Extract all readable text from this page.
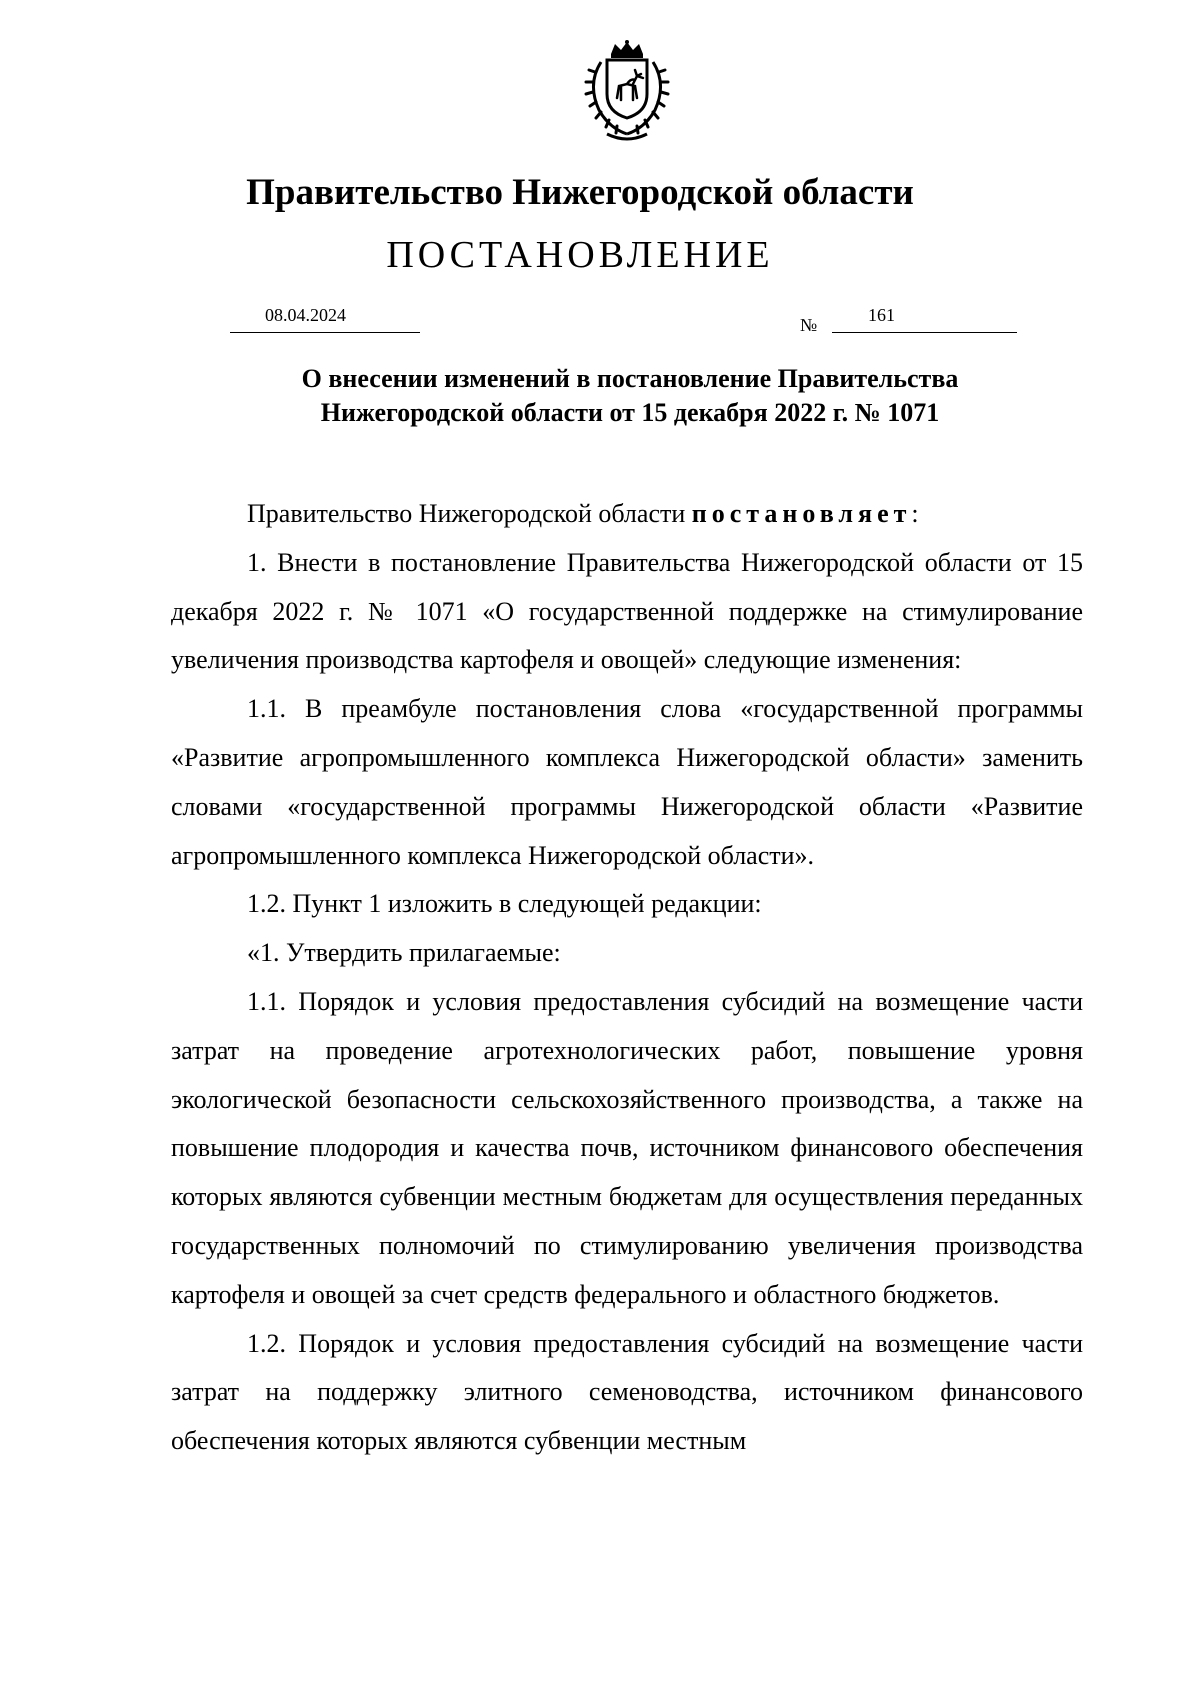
Правительство Нижегородской области
ПОСТАНОВЛЕНИЕ
08.04.2024	№	161
О внесении изменений в постановление Правительства
Нижегородской области от 15 декабря 2022 г. № 1071

Правительство Нижегородской области постановляет:

1. Внести в постановление Правительства Нижегородской области от 15 декабря 2022 г. № 1071 «О государственной поддержке на стимулирование увеличения производства картофеля и овощей» следующие изменения:

1.1. В преамбуле постановления слова «государственной программы «Развитие агропромышленного комплекса Нижегородской области» заменить словами «государственной программы Нижегородской области «Развитие агропромышленного комплекса Нижегородской области».

1.2. Пункт 1 изложить в следующей редакции:

«1. Утвердить прилагаемые:

1.1. Порядок и условия предоставления субсидий на возмещение части затрат на проведение агротехнологических работ, повышение уровня экологической безопасности сельскохозяйственного производства, а также на повышение плодородия и качества почв, источником финансового обеспечения которых являются субвенции местным бюджетам для осуществления переданных государственных полномочий по стимулированию увеличения производства картофеля и овощей за счет средств федерального и областного бюджетов.

1.2. Порядок и условия предоставления субсидий на возмещение части затрат на поддержку элитного семеноводства, источником финансового обеспечения которых являются субвенции местным
